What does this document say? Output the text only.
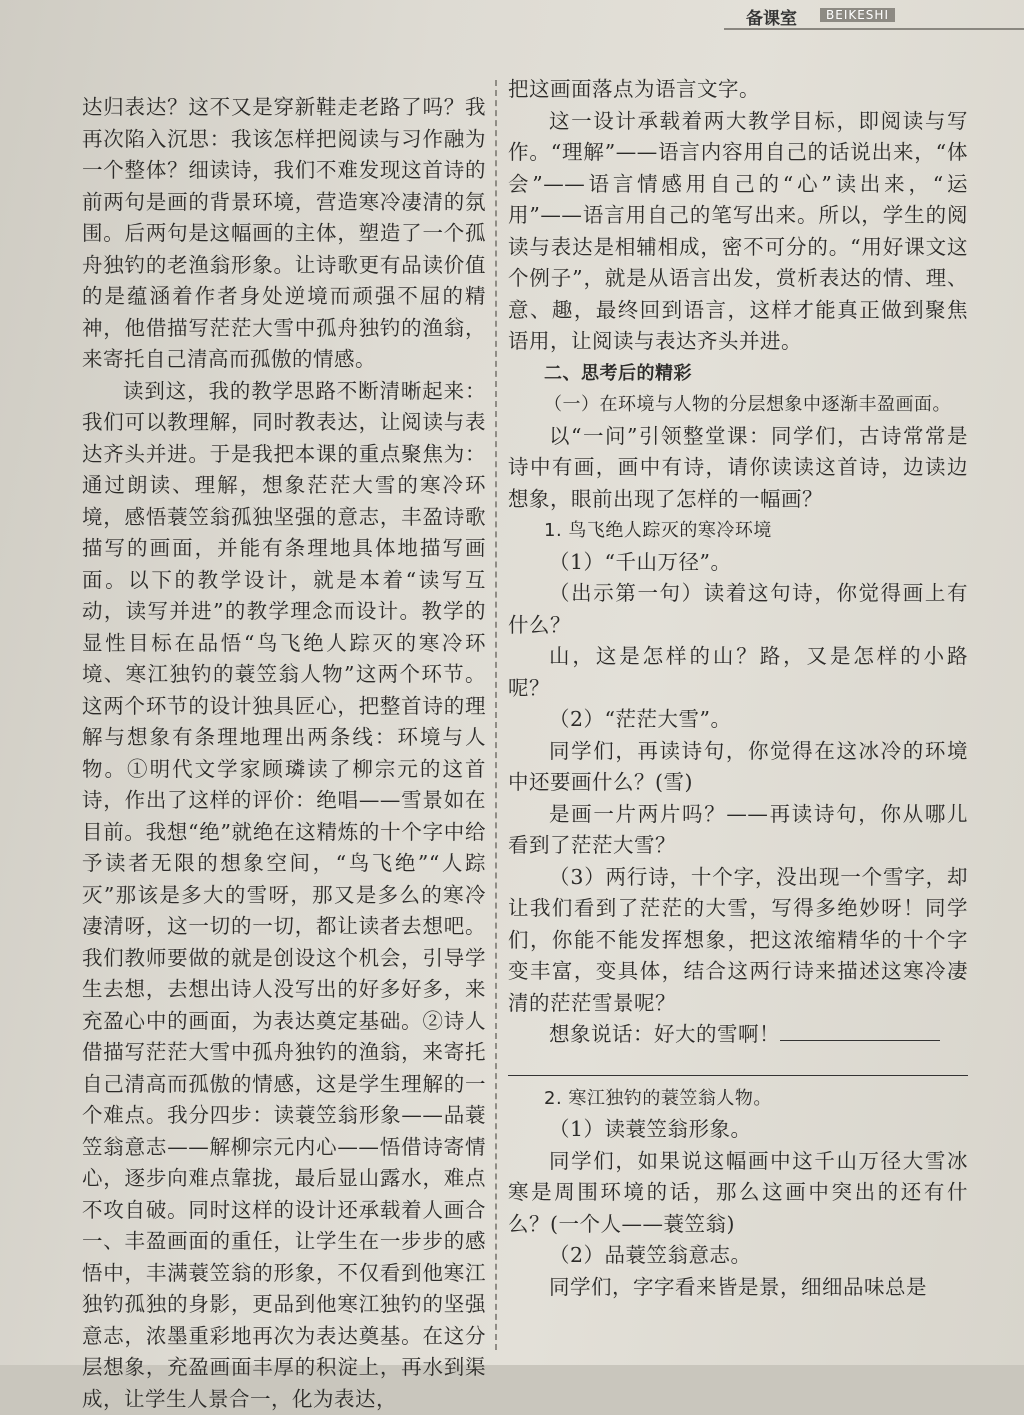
备课室	BEIKESHI

达归表达？这不又是穿新鞋走老路了吗？我再次陷入沉思：我该怎样把阅读与习作融为一个整体？细读诗，我们不难发现这首诗的前两句是画的背景环境，营造寒冷凄清的氛围。后两句是这幅画的主体，塑造了一个孤舟独钓的老渔翁形象。让诗歌更有品读价值的是蕴涵着作者身处逆境而顽强不屈的精神，他借描写茫茫大雪中孤舟独钓的渔翁，来寄托自己清高而孤傲的情感。

读到这，我的教学思路不断清晰起来：我们可以教理解，同时教表达，让阅读与表达齐头并进。于是我把本课的重点聚焦为：通过朗读、理解，想象茫茫大雪的寒冷环境，感悟蓑笠翁孤独坚强的意志，丰盈诗歌描写的画面，并能有条理地具体地描写画面。以下的教学设计，就是本着“读写互动，读写并进”的教学理念而设计。教学的显性目标在品悟“鸟飞绝人踪灭的寒冷环境、寒江独钓的蓑笠翁人物”这两个环节。这两个环节的设计独具匠心，把整首诗的理解与想象有条理地理出两条线：环境与人物。①明代文学家顾璘读了柳宗元的这首诗，作出了这样的评价：绝唱——雪景如在目前。我想“绝”就绝在这精炼的十个字中给予读者无限的想象空间，“鸟飞绝”“人踪灭”那该是多大的雪呀，那又是多么的寒冷凄清呀，这一切的一切，都让读者去想吧。我们教师要做的就是创设这个机会，引导学生去想，去想出诗人没写出的好多好多，来充盈心中的画面，为表达奠定基础。②诗人借描写茫茫大雪中孤舟独钓的渔翁，来寄托自己清高而孤傲的情感，这是学生理解的一个难点。我分四步：读蓑笠翁形象——品蓑笠翁意志——解柳宗元内心——悟借诗寄情心，逐步向难点靠拢，最后显山露水，难点不攻自破。同时这样的设计还承载着人画合一、丰盈画面的重任，让学生在一步步的感悟中，丰满蓑笠翁的形象，不仅看到他寒江独钓孤独的身影，更品到他寒江独钓的坚强意志，浓墨重彩地再次为表达奠基。在这分层想象，充盈画面丰厚的积淀上，再水到渠成，让学生人景合一，化为表达，

把这画面落点为语言文字。

这一设计承载着两大教学目标，即阅读与写作。“理解”——语言内容用自己的话说出来，“体会”——语言情感用自己的“心”读出来，“运用”——语言用自己的笔写出来。所以，学生的阅读与表达是相辅相成，密不可分的。“用好课文这个例子”，就是从语言出发，赏析表达的情、理、意、趣，最终回到语言，这样才能真正做到聚焦语用，让阅读与表达齐头并进。

二、思考后的精彩

（一）在环境与人物的分层想象中逐渐丰盈画面。

以“一问”引领整堂课：同学们，古诗常常是诗中有画，画中有诗，请你读读这首诗，边读边想象，眼前出现了怎样的一幅画？

1. 鸟飞绝人踪灭的寒冷环境

（1）“千山万径”。

（出示第一句）读着这句诗，你觉得画上有什么？

山，这是怎样的山？路，又是怎样的小路呢？

（2）“茫茫大雪”。

同学们，再读诗句，你觉得在这冰冷的环境中还要画什么？(雪)

是画一片两片吗？——再读诗句，你从哪儿看到了茫茫大雪？

（3）两行诗，十个字，没出现一个雪字，却让我们看到了茫茫的大雪，写得多绝妙呀！同学们，你能不能发挥想象，把这浓缩精华的十个字变丰富，变具体，结合这两行诗来描述这寒冷凄清的茫茫雪景呢？

想象说话：好大的雪啊！

2. 寒江独钓的蓑笠翁人物。

（1）读蓑笠翁形象。

同学们，如果说这幅画中这千山万径大雪冰寒是周围环境的话，那么这画中突出的还有什么？(一个人——蓑笠翁)

（2）品蓑笠翁意志。

同学们，字字看来皆是景，细细品味总是
